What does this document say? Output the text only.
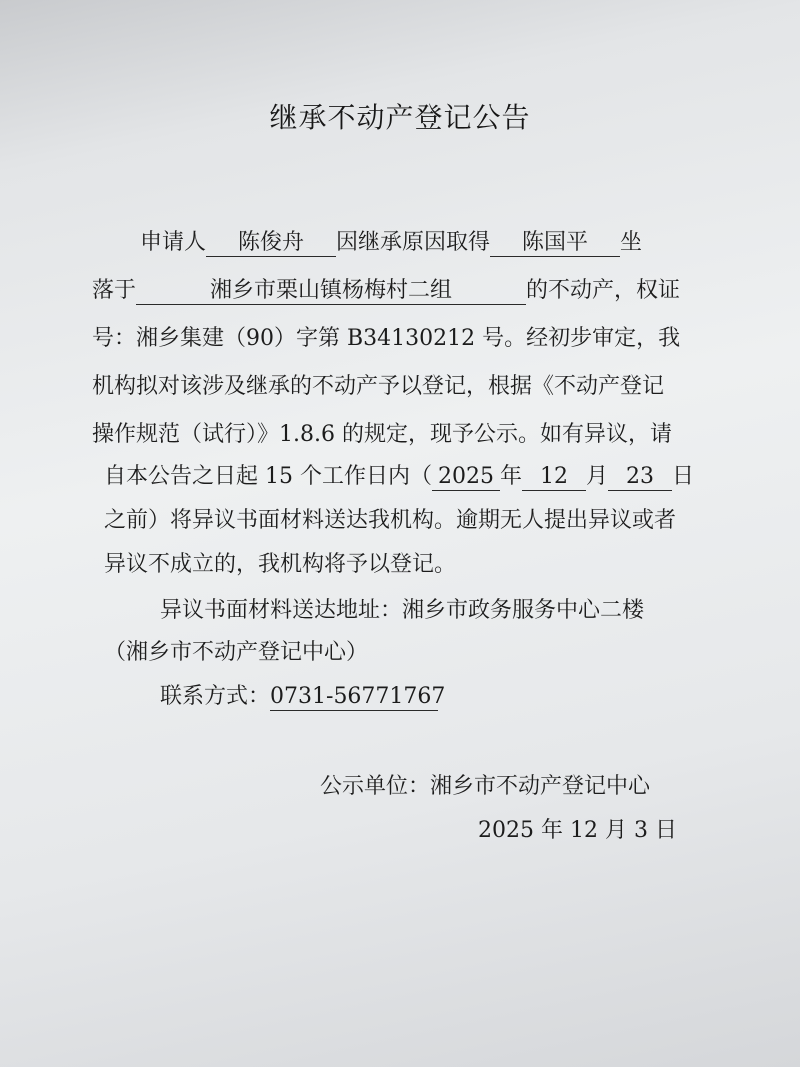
继承不动产登记公告
申请人 陈俊舟 因继承原因取得 陈国平 坐
落于	湘乡市栗山镇杨梅村二组	的不动产，权证
号：湘乡集建（90）字第 B34130212 号。经初步审定，我
机构拟对该涉及继承的不动产予以登记，根据《不动产登记
操作规范（试行）》1.8.6 的规定，现予公示。如有异议，请
自本公告之日起 15 个工作日内（ 2025 年 12 月 23 日
之前）将异议书面材料送达我机构。逾期无人提出异议或者
异议不成立的，我机构将予以登记。
异议书面材料送达地址：湘乡市政务服务中心二楼
（湘乡市不动产登记中心）
联系方式：0731-56771767
公示单位：湘乡市不动产登记中心
2025 年 12 月 3 日
